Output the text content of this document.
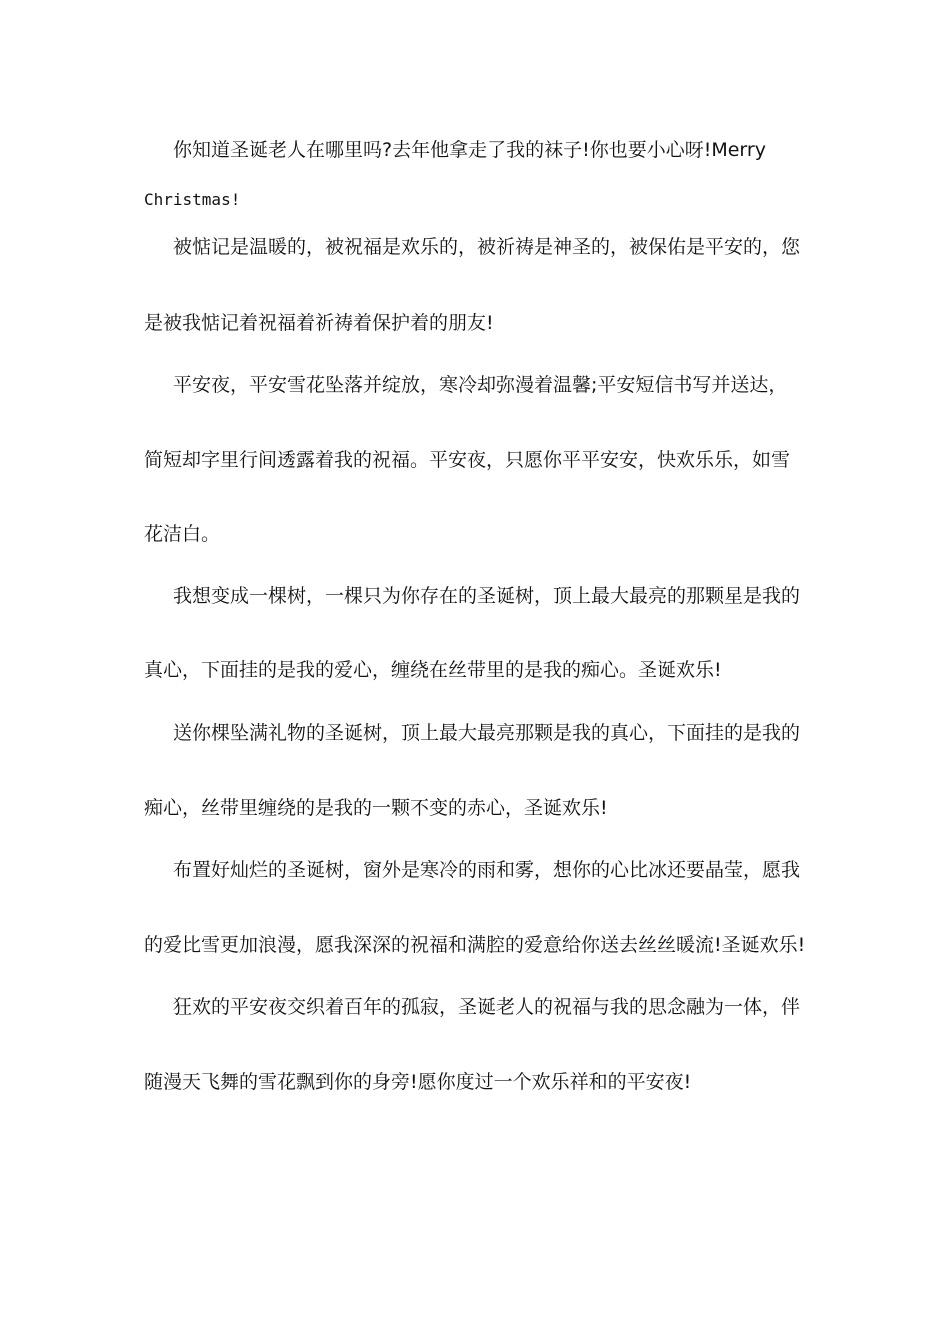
你知道圣诞老人在哪里吗?去年他拿走了我的袜子!你也要小心呀!Merry
Christmas!
被惦记是温暖的，被祝福是欢乐的，被祈祷是神圣的，被保佑是平安的，您
是被我惦记着祝福着祈祷着保护着的朋友!
平安夜，平安雪花坠落并绽放，寒冷却弥漫着温馨;平安短信书写并送达，
简短却字里行间透露着我的祝福。平安夜，只愿你平平安安，快欢乐乐，如雪
花洁白。
我想变成一棵树，一棵只为你存在的圣诞树，顶上最大最亮的那颗星是我的
真心，下面挂的是我的爱心，缠绕在丝带里的是我的痴心。圣诞欢乐!
送你棵坠满礼物的圣诞树，顶上最大最亮那颗是我的真心，下面挂的是我的
痴心，丝带里缠绕的是我的一颗不变的赤心，圣诞欢乐!
布置好灿烂的圣诞树，窗外是寒冷的雨和雾，想你的心比冰还要晶莹，愿我
的爱比雪更加浪漫，愿我深深的祝福和满腔的爱意给你送去丝丝暖流!圣诞欢乐!
狂欢的平安夜交织着百年的孤寂，圣诞老人的祝福与我的思念融为一体，伴
随漫天飞舞的雪花飘到你的身旁!愿你度过一个欢乐祥和的平安夜!
